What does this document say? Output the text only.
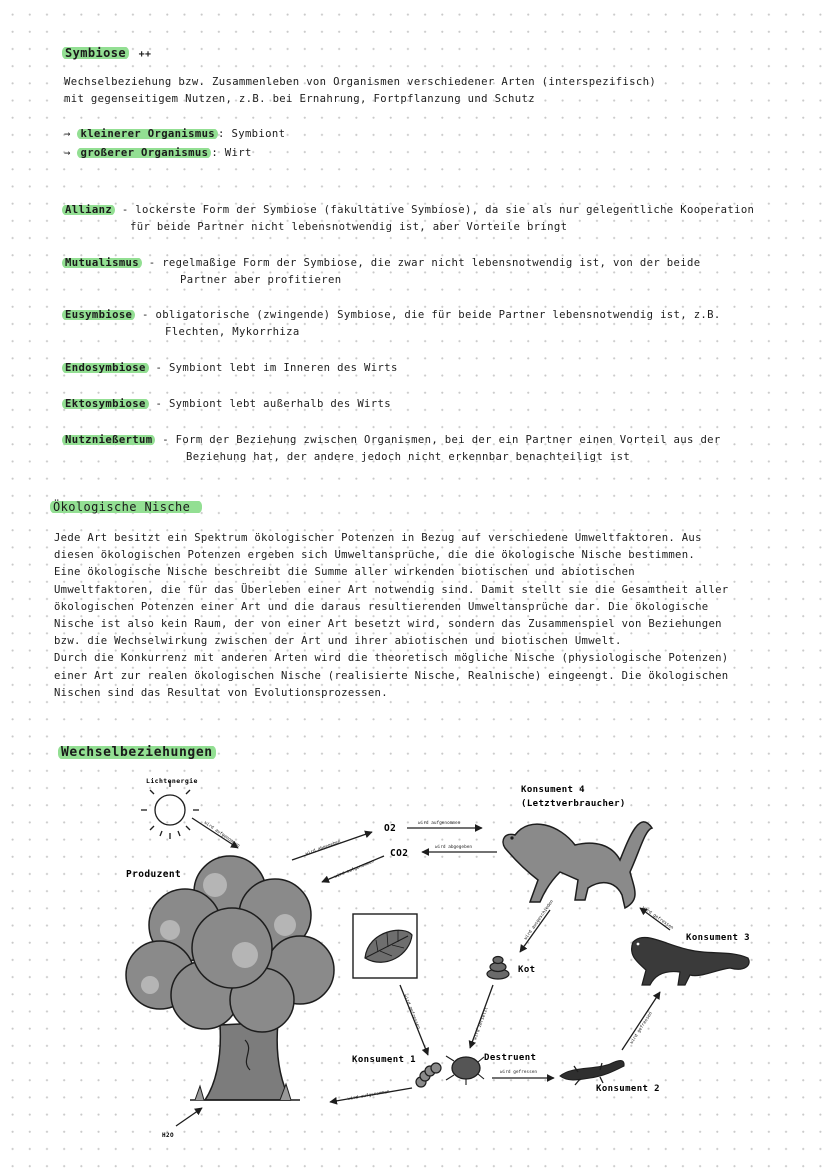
Symbiose ++
Wechselbeziehung bzw. Zusammenleben von Organismen verschiedener Arten (interspezifisch)
mit gegenseitigem Nutzen, z.B. bei Ernahrung, Fortpflanzung und Schutz
→ kleinerer Organismus : Symbiont
→ großerer Organismus : Wirt
Allianz - lockerste Form der Symbiose (fakultative Symbiose), da sie als nur gelegentliche Kooperation
für beide Partner nicht lebensnotwendig ist, aber Vorteile bringt
Mutualismus - regelmaßige Form der Symbiose, die zwar nicht lebensnotwendig ist, von der beide
Partner aber profitieren
Eusymbiose - obligatorische (zwingende) Symbiose, die für beide Partner lebensnotwendig ist, z.B.
Flechten, Mykorrhiza
Endosymbiose - Symbiont lebt im Inneren des Wirts
Ektosymbiose - Symbiont lebt außerhalb des Wirts
Nutznießertum - Form der Beziehung zwischen Organismen, bei der ein Partner einen Vorteil aus der
Beziehung hat, der andere jedoch nicht erkennbar benachteiligt ist
Ökologische Nische
Jede Art besitzt ein Spektrum ökologischer Potenzen in Bezug auf verschiedene Umweltfaktoren. Aus
diesen ökologischen Potenzen ergeben sich Umweltansprüche, die die ökologische Nische bestimmen.
Eine ökologische Nische beschreibt die Summe aller wirkenden biotischen und abiotischen
Umweltfaktoren, die für das Überleben einer Art notwendig sind. Damit stellt sie die Gesamtheit aller
ökologischen Potenzen einer Art und die daraus resultierenden Umweltansprüche dar. Die ökologische
Nische ist also kein Raum, der von einer Art besetzt wird, sondern das Zusammenspiel von Beziehungen
bzw. die Wechselwirkung zwischen der Art und ihrer abiotischen und biotischen Umwelt.
Durch die Konkurrenz mit anderen Arten wird die theoretisch mögliche Nische (physiologische Potenzen)
einer Art zur realen ökologischen Nische (realisierte Nische, Realnische) eingeengt. Die ökologischen
Nischen sind das Resultat von Evolutionsprozessen.
Wechselbeziehungen
Lichtenergie
Produzent
O2
CO2
Konsument 4
(Letztverbraucher)
Konsument 3
Kot
Destruent
Konsument 1
Konsument 2
H2O
wird aufgenommen	wird abgegeben
wird aufgenommen
wird aufgenommen
wird abgegeben
wird ausgeschieden	wird gefressen
wird gefressen	wird zersetzt
wird gefressen
wird gefressen
wird aufgenommen
